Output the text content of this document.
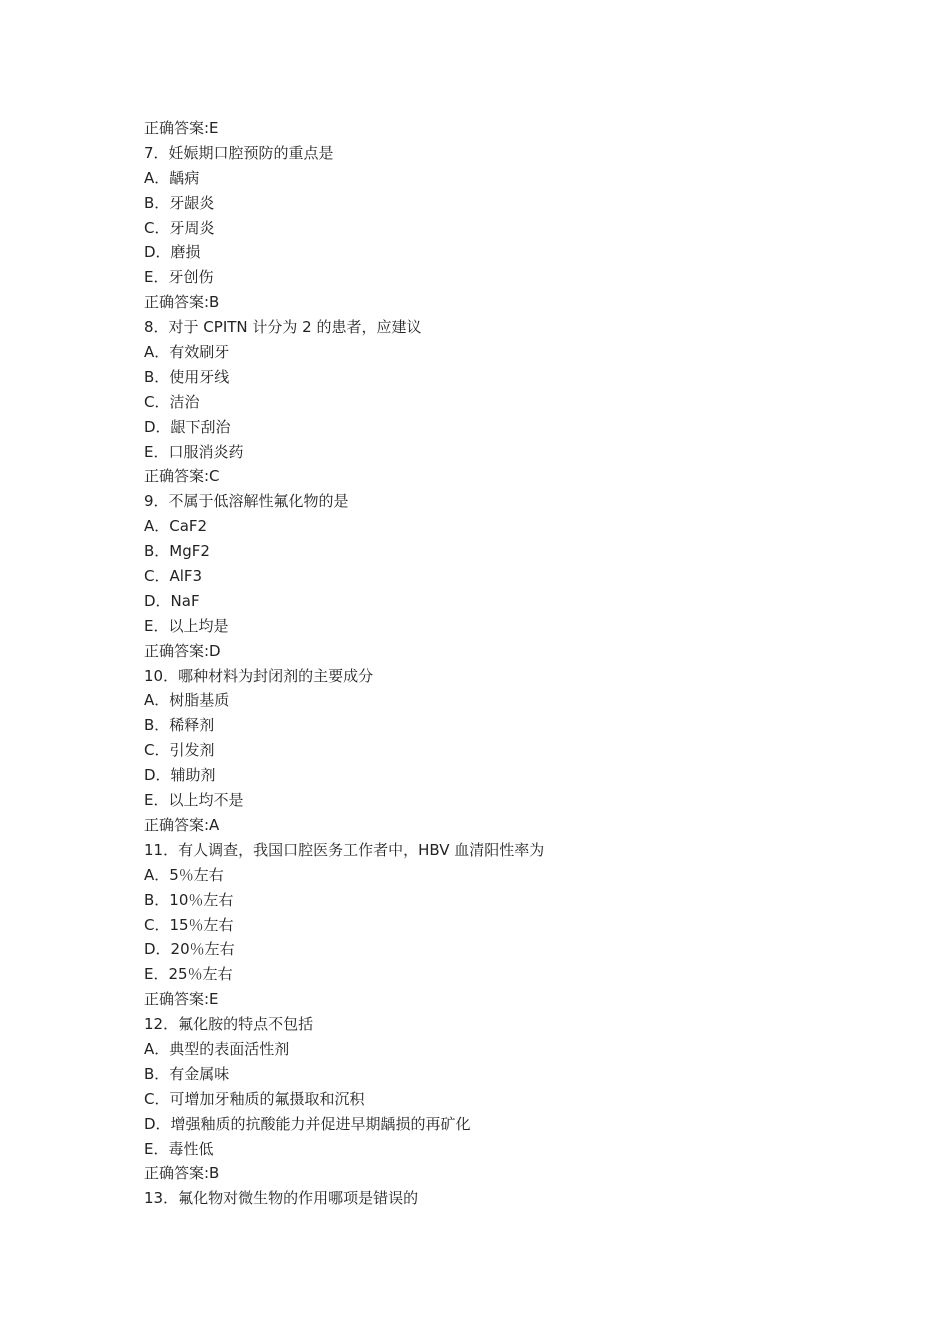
正确答案:E
7．妊娠期口腔预防的重点是
A．龋病
B．牙龈炎
C．牙周炎
D．磨损
E．牙创伤
正确答案:B
8．对于 CPITN 计分为 2 的患者，应建议
A．有效刷牙
B．使用牙线
C．洁治
D．龈下刮治
E．口服消炎药
正确答案:C
9．不属于低溶解性氟化物的是
A．CaF2
B．MgF2
C．AlF3
D．NaF
E．以上均是
正确答案:D
10．哪种材料为封闭剂的主要成分
A．树脂基质
B．稀释剂
C．引发剂
D．辅助剂
E．以上均不是
正确答案:A
11．有人调查，我国口腔医务工作者中，HBV 血清阳性率为
A．5％左右
B．10％左右
C．15％左右
D．20％左右
E．25％左右
正确答案:E
12．氟化胺的特点不包括
A．典型的表面活性剂
B．有金属味
C．可增加牙釉质的氟摄取和沉积
D．增强釉质的抗酸能力并促进早期龋损的再矿化
E．毒性低
正确答案:B
13．氟化物对微生物的作用哪项是错误的
